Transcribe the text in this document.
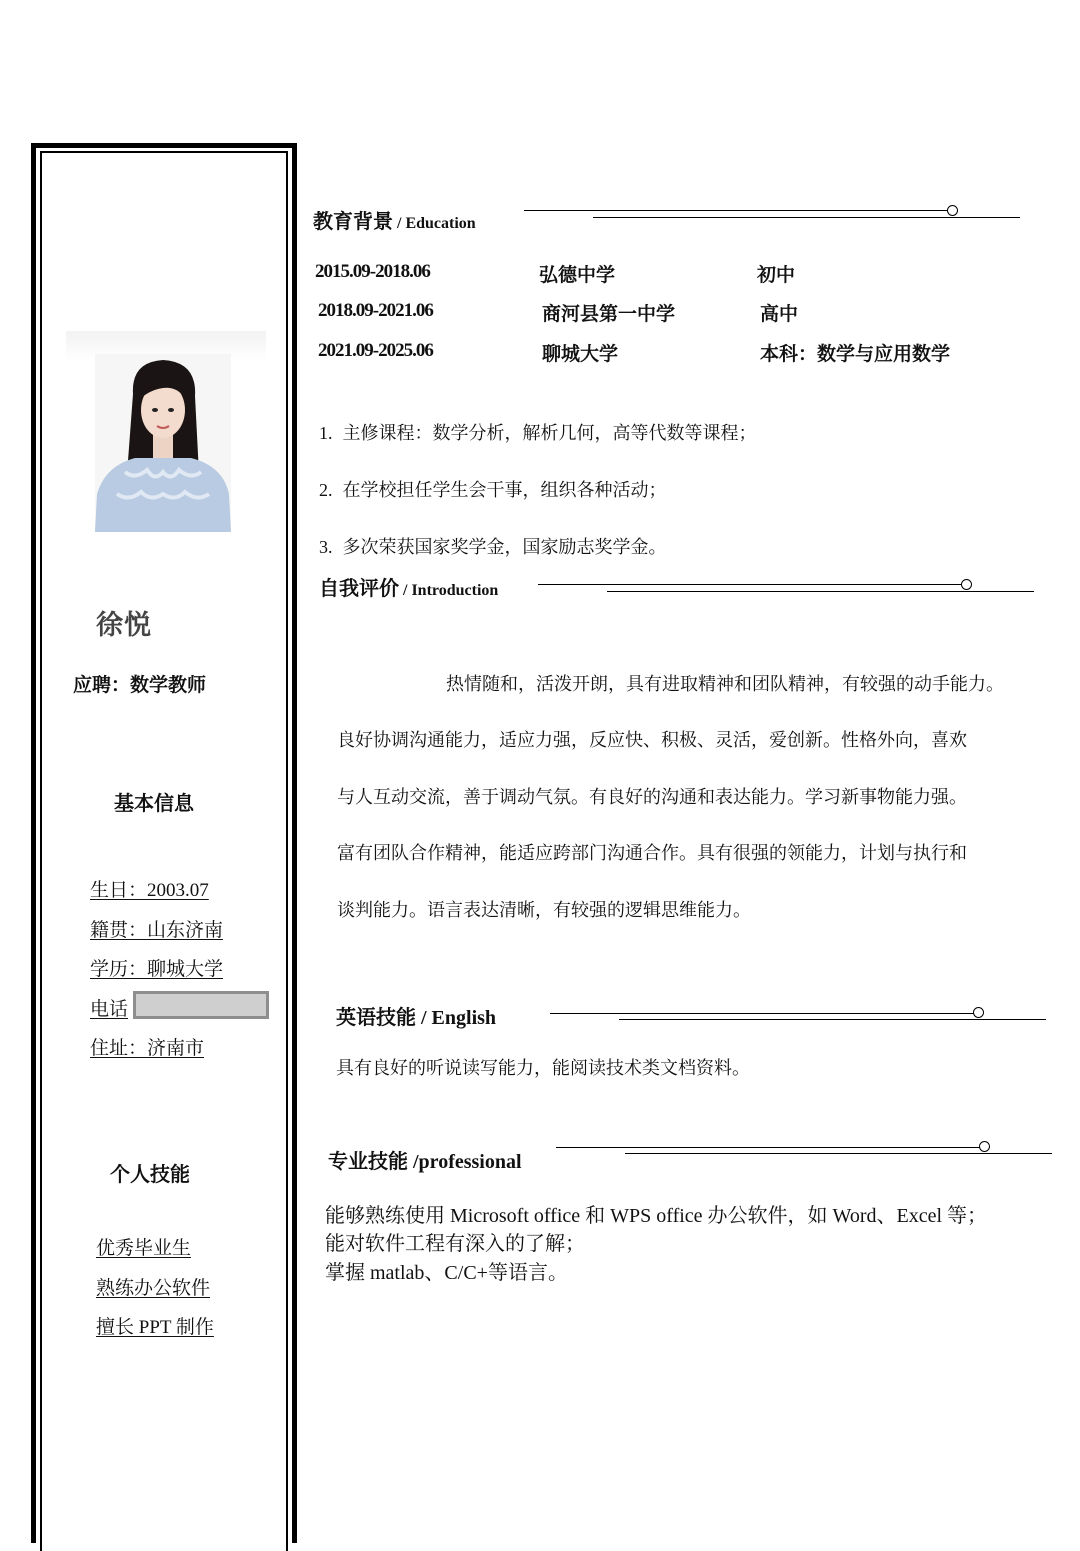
徐悦
应聘：数学教师
基本信息
生日：2003.07
籍贯：山东济南
学历：聊城大学
电话
住址：济南市
个人技能
优秀毕业生
熟练办公软件
擅长 PPT 制作
教育背景 / Education
2015.09-2018.06	弘德中学	初中
2018.09-2021.06	商河县第一中学	高中
2021.09-2025.06	聊城大学	本科：数学与应用数学
1. 主修课程：数学分析，解析几何，高等代数等课程；
2. 在学校担任学生会干事，组织各种活动；
3. 多次荣获国家奖学金，国家励志奖学金。
自我评价 / Introduction
热情随和，活泼开朗，具有进取精神和团队精神，有较强的动手能力。
良好协调沟通能力，适应力强，反应快、积极、灵活，爱创新。性格外向，喜欢
与人互动交流，善于调动气氛。有良好的沟通和表达能力。学习新事物能力强。
富有团队合作精神，能适应跨部门沟通合作。具有很强的领能力，计划与执行和
谈判能力。语言表达清晰，有较强的逻辑思维能力。
英语技能 / English
具有良好的听说读写能力，能阅读技术类文档资料。
专业技能 /professional
能够熟练使用 Microsoft office 和 WPS office 办公软件，如 Word、Excel 等；
能对软件工程有深入的了解；
掌握 matlab、C/C+等语言。
